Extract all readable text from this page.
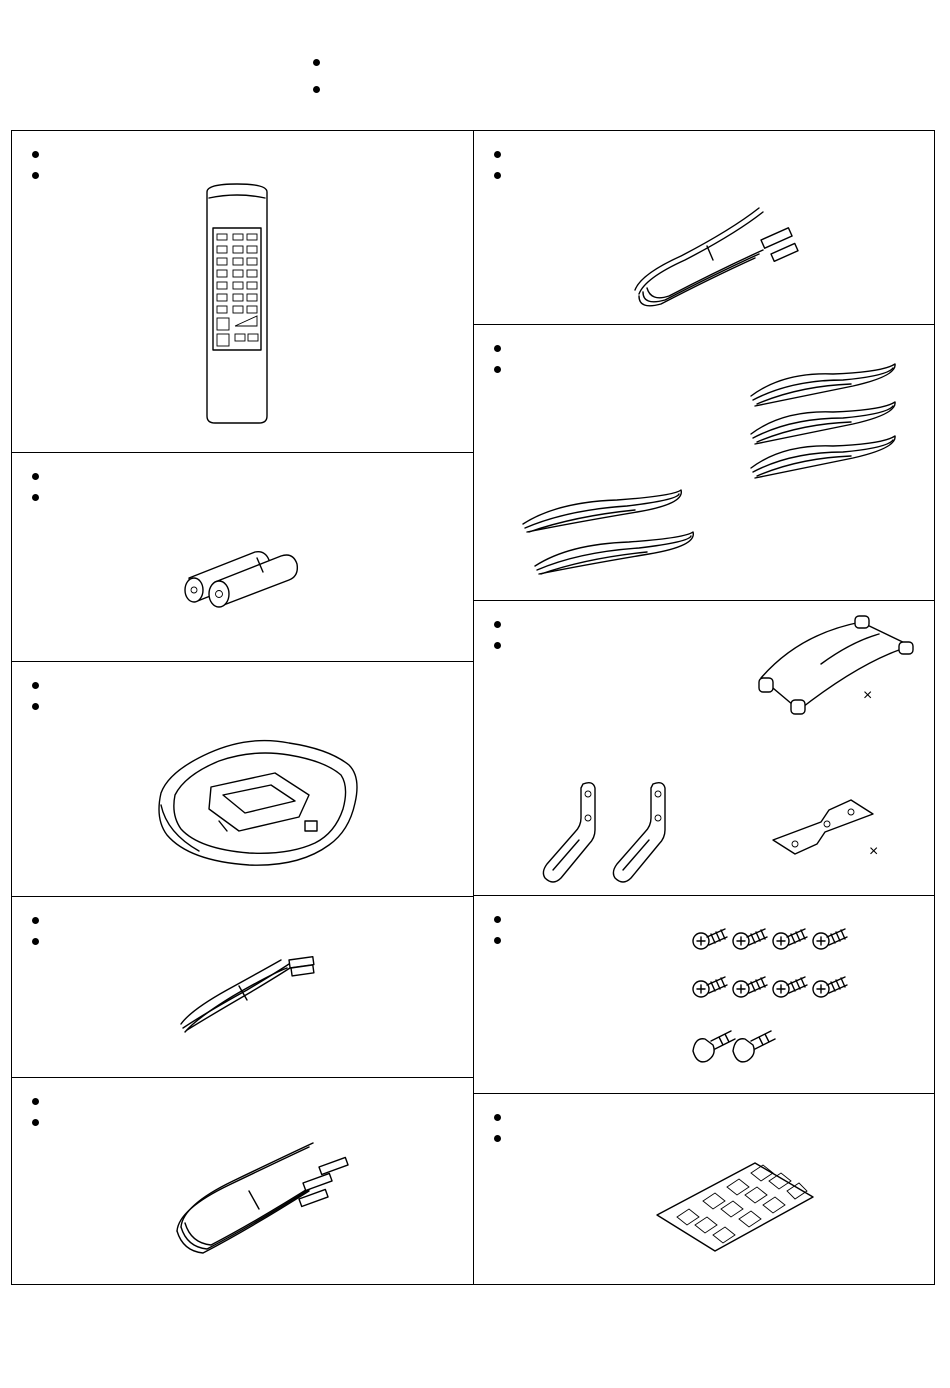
×
×
